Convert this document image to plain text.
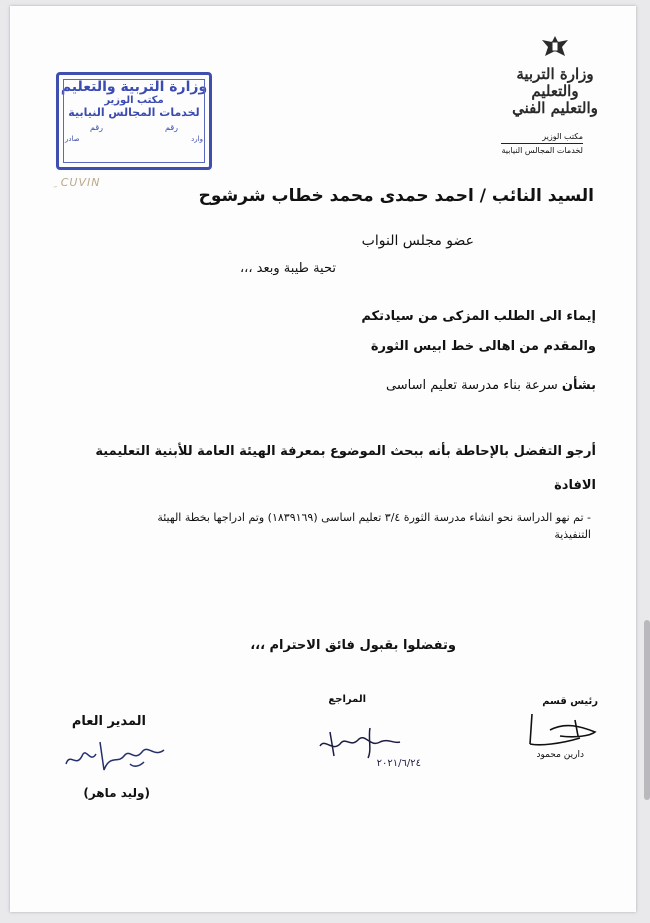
وزارة التربية والتعليم
والتعليم الفني
مكتب الوزير
لخدمات المجالس النيابية
وزارة التربية والتعليم
مكتب الوزير
لخدمات المجالس النيابية
رقم
رقم
وارد
صادر
ﹺ CUVIN
السيد النائب / احمد حمدى محمد خطاب شرشوح
عضو مجلس النواب
تحية طيبة وبعد ،،،
إيماء الى الطلب المزكى من سيادتكم
والمقدم من اهالى خط ابيس الثورة
بشأن سرعة بناء مدرسة تعليم اساسى
أرجو التفضل بالإحاطة بأنه ببحث الموضوع بمعرفة الهيئة العامة للأبنية التعليمية
الافادة
- تم نهو الدراسة نحو انشاء مدرسة الثورة ٣/٤ تعليم اساسى (١٨٣٩١٦٩) وتم ادراجها بخطة الهيئة
التنفيذية
وتفضلوا بقبول فائق الاحترام ،،،
رئيس قسم
دارين محمود
المراجع
٢٠٢١/٦/٢٤
المدير العام
(وليد ماهر)
